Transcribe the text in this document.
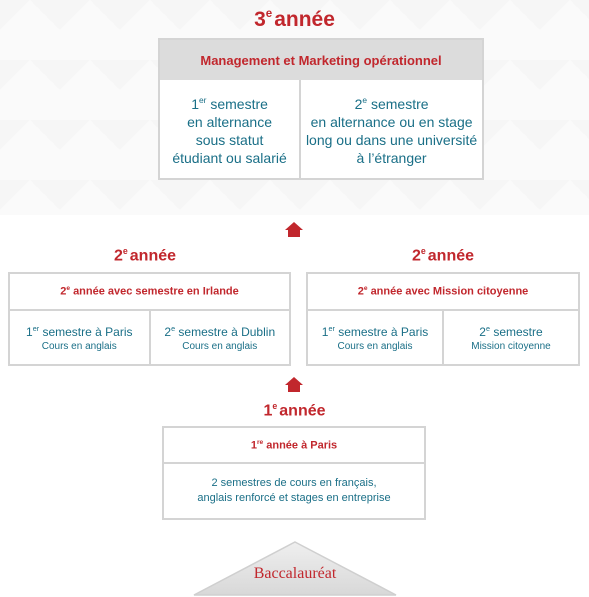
3eannée
Management et Marketing opérationnel
1er semestre
en alternance
sous statut
étudiant ou salarié
2e semestre
en alternance ou en stage
long ou dans une université
à l’étranger
2e année
2e année avec semestre en Irlande
1er semestre à Paris
Cours en anglais
2e semestre à Dublin
Cours en anglais
2e année
2e année avec Mission citoyenne
1er semestre à Paris
Cours en anglais
2e semestre
Mission citoyenne
1e année
1re année à Paris
2 semestres de cours en français,
anglais renforcé et stages en entreprise
Baccalauréat
